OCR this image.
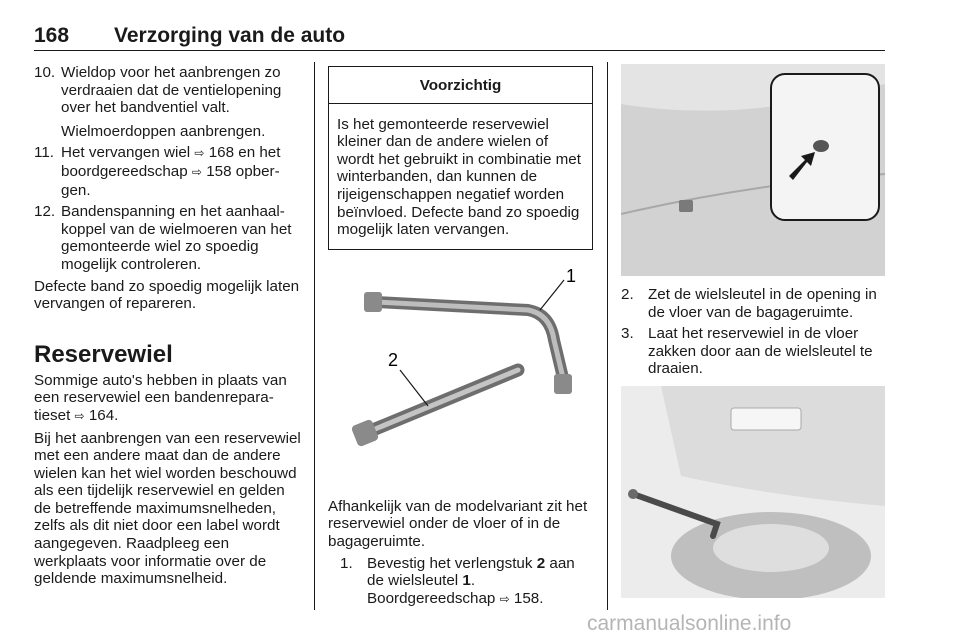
168 Verzorging van de auto
10. Wieldop voor het aanbrengen zo verdraaien dat de ventielopening over het bandventiel valt.

Wielmoerdoppen aanbrengen.

11. Het vervangen wiel ⇨ 168 en het boordgereedschap ⇨ 158 opbergen.
12. Bandenspanning en het aanhaalkoppel van de wielmoeren van het gemonteerde wiel zo spoedig mogelijk controleren.

Defecte band zo spoedig mogelijk laten vervangen of repareren.

Reservewiel

Sommige auto's hebben in plaats van een reservewiel een bandenreparatieset ⇨ 164.

Bij het aanbrengen van een reservewiel met een andere maat dan de andere wielen kan het wiel worden beschouwd als een tijdelijk reservewiel en gelden de betreffende maximumsnelheden, zelfs als dit niet door een label wordt aangegeven. Raadpleeg een werkplaats voor informatie over de geldende maximumsnelheid.

Voorzichtig
Is het gemonteerde reservewiel kleiner dan de andere wielen of wordt het gebruikt in combinatie met winterbanden, dan kunnen de rijeigenschappen negatief worden beïnvloed. Defecte band zo spoedig mogelijk laten vervangen.
1
2

Afhankelijk van de modelvariant zit het reservewiel onder de vloer of in de bagageruimte.

1. Bevestig het verlengstuk 2 aan de wielsleutel 1. Boordgereedschap ⇨ 158.
2. Zet de wielsleutel in de opening in de vloer van de bagageruimte.
3. Laat het reservewiel in de vloer zakken door aan de wielsleutel te draaien.
carmanualsonline.info
